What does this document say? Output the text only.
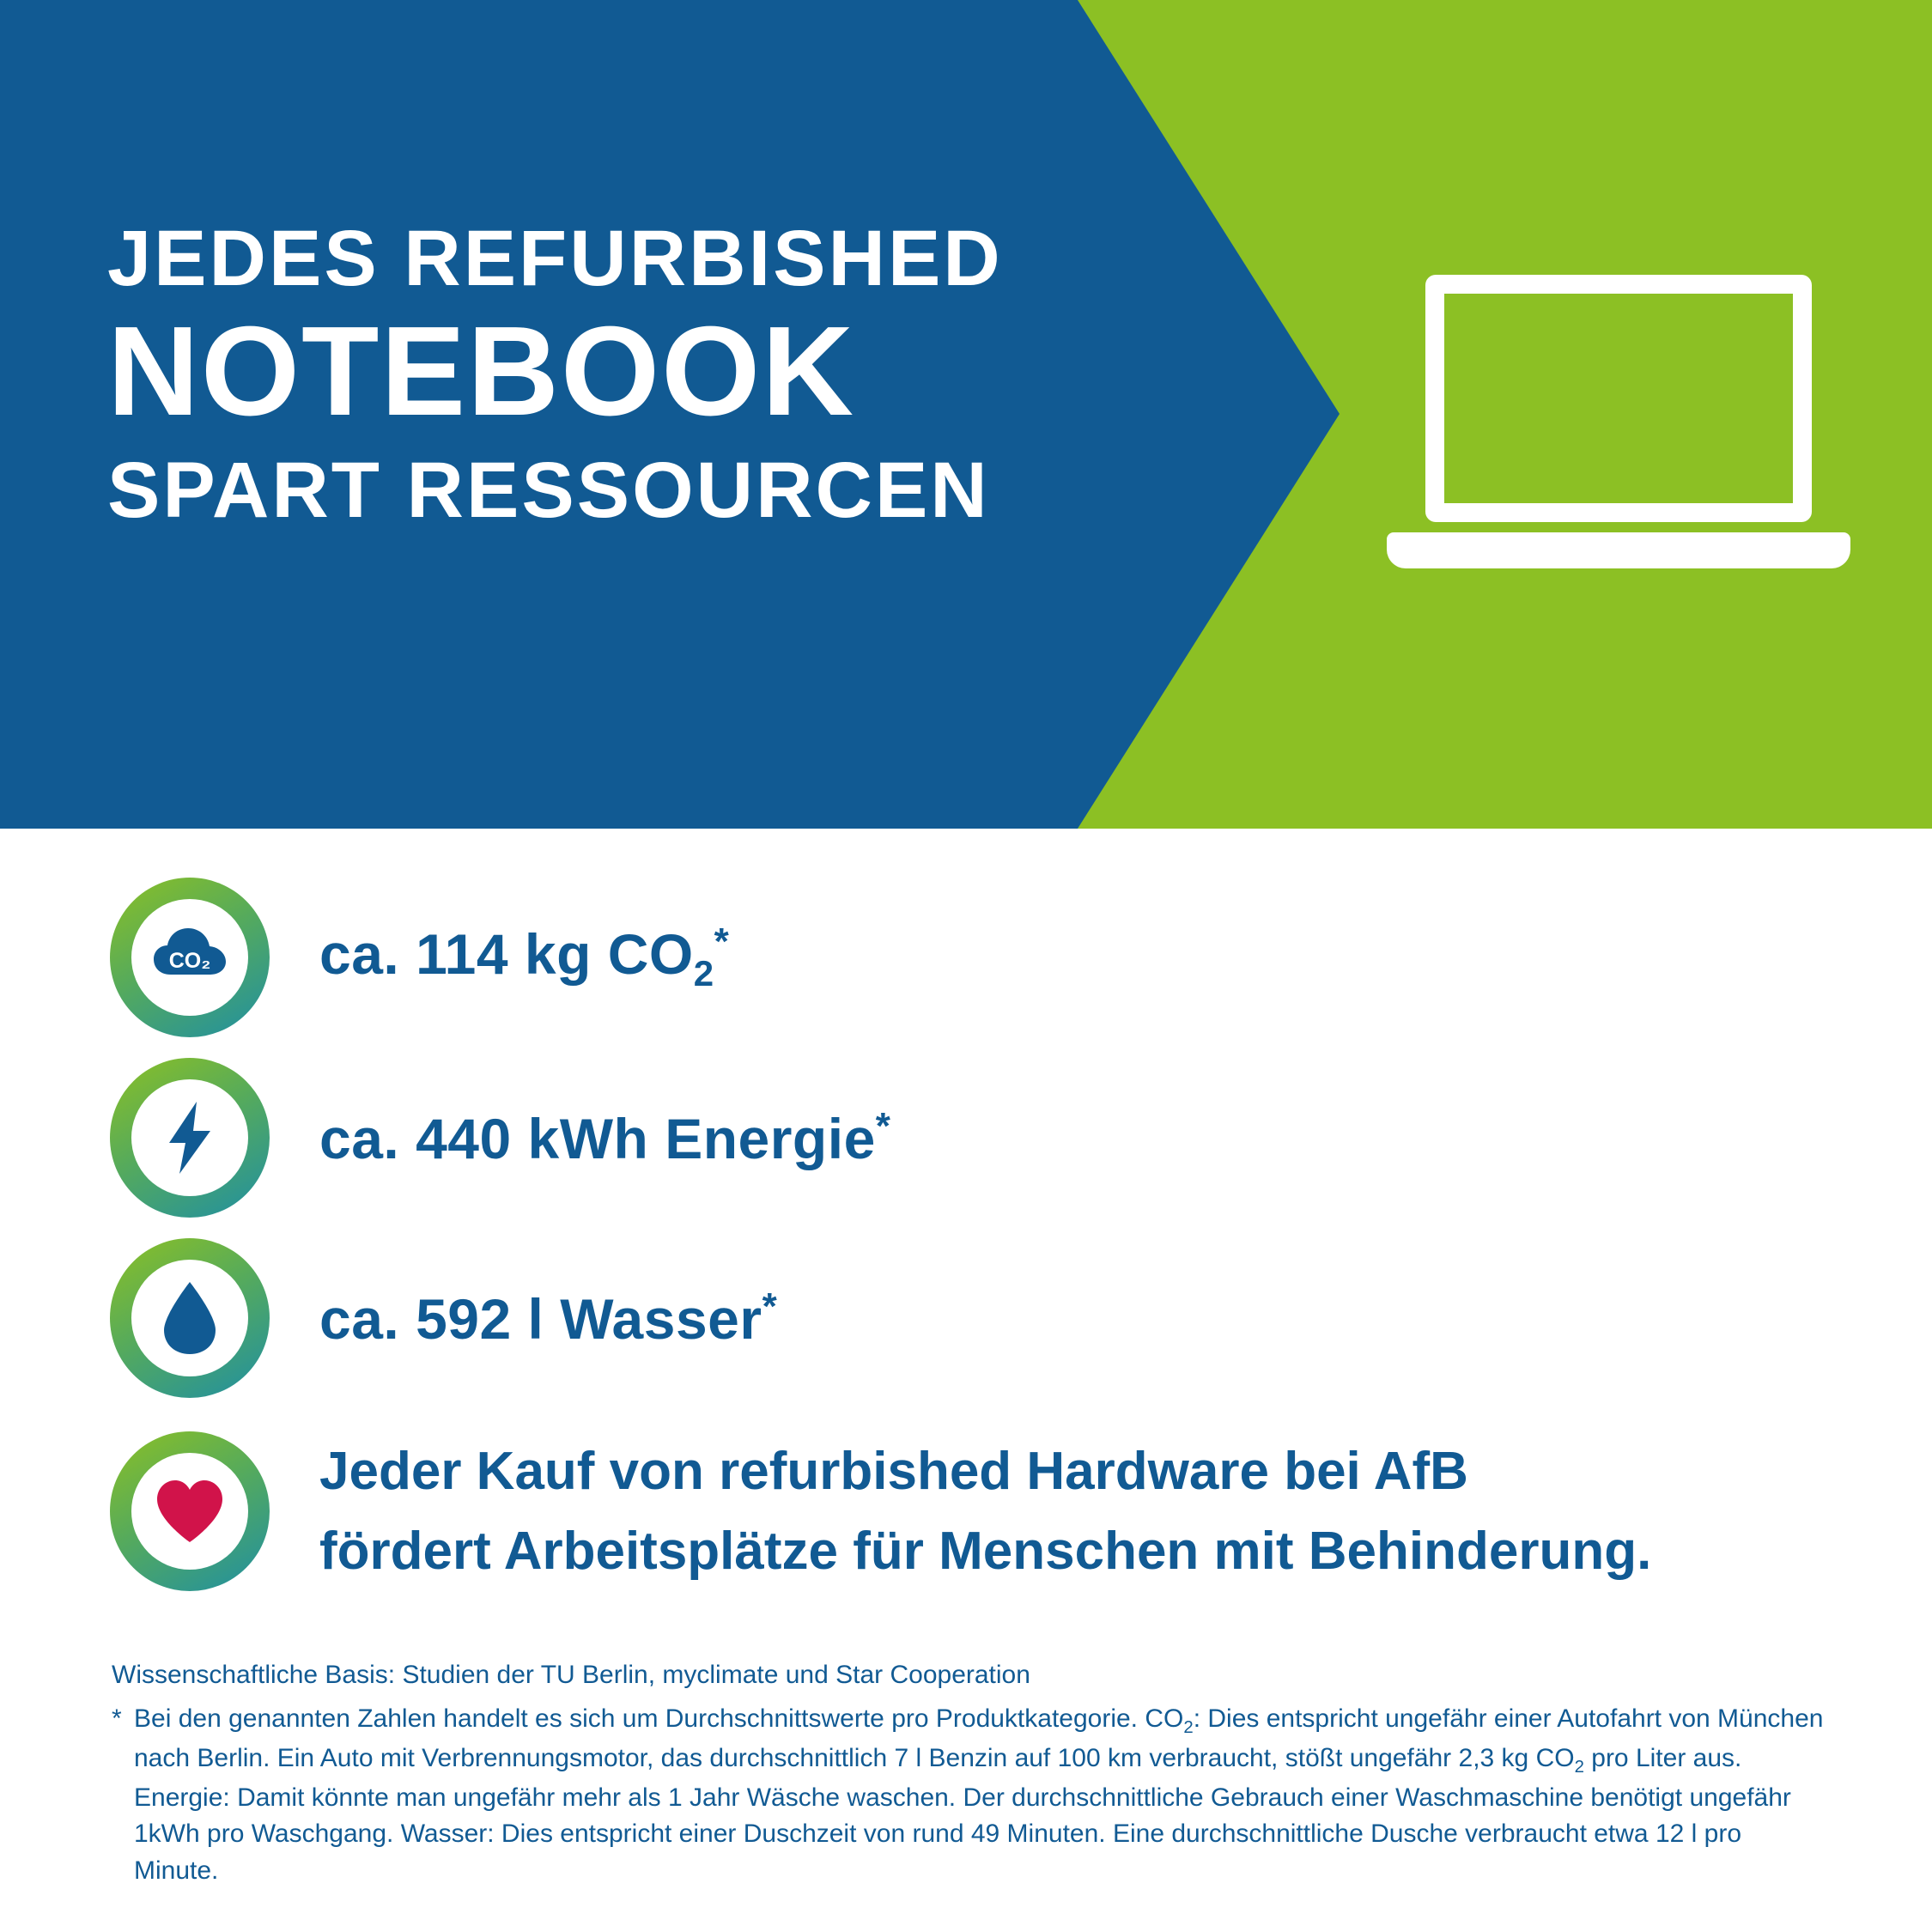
JEDES REFURBISHED
NOTEBOOK
SPART RESSOURCEN
CO₂ ca. 114 kg $CO_2^*$
ca. 440 kWh Energie*
ca. 592 l Wasser*
Jeder Kauf von refurbished Hardware bei AfB
fördert Arbeitsplätze für Menschen mit Behinderung.
Wissenschaftliche Basis: Studien der TU Berlin, myclimate und Star Cooperation
* Bei den genannten Zahlen handelt es sich um Durchschnittswerte pro Produktkategorie. $CO_2$: Dies entspricht ungefähr einer Autofahrt von München nach Berlin. Ein Auto mit Verbrennungsmotor, das durchschnittlich 7 l Benzin auf 100 km verbraucht, stößt ungefähr 2,3 kg $CO_2$ pro Liter aus. Energie: Damit könnte man ungefähr mehr als 1 Jahr Wäsche waschen. Der durchschnittliche Gebrauch einer Waschmaschine benötigt ungefähr 1kWh pro Waschgang. Wasser: Dies entspricht einer Duschzeit von rund 49 Minuten. Eine durchschnittliche Dusche verbraucht etwa 12 l pro Minute.
